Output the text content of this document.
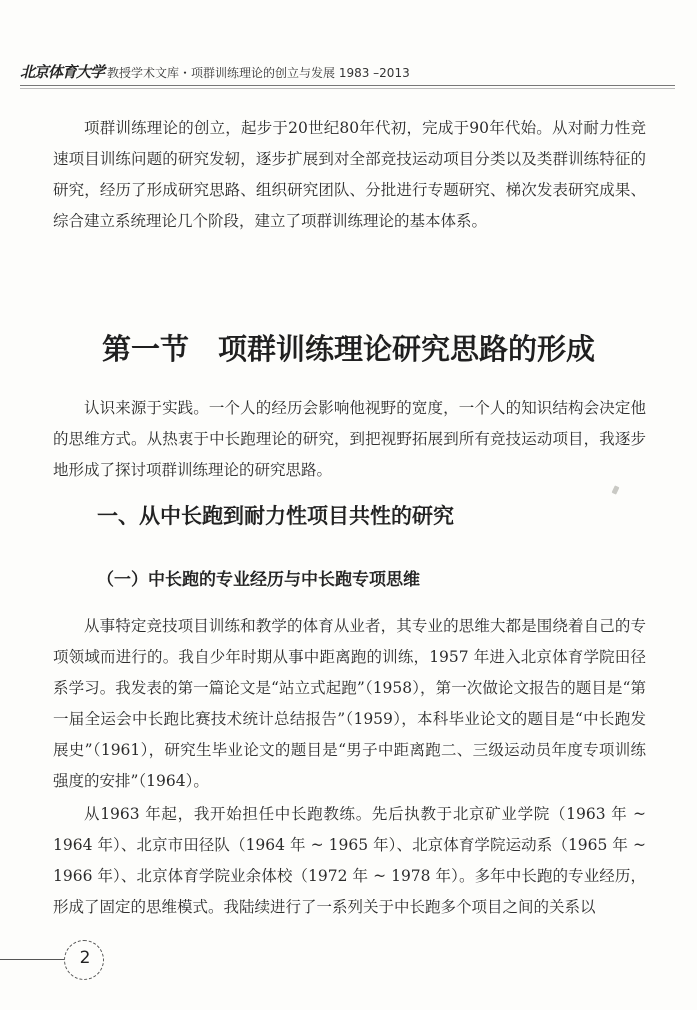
北京体育大学 教授学术文库・项群训练理论的创立与发展 1983 –2013

项群训练理论的创立，起步于20世纪80年代初，完成于90年代始。从对耐力性竞速项目训练问题的研究发轫，逐步扩展到对全部竞技运动项目分类以及类群训练特征的研究，经历了形成研究思路、组织研究团队、分批进行专题研究、梯次发表研究成果、综合建立系统理论几个阶段，建立了项群训练理论的基本体系。

第一节　项群训练理论研究思路的形成

认识来源于实践。一个人的经历会影响他视野的宽度，一个人的知识结构会决定他的思维方式。从热衷于中长跑理论的研究，到把视野拓展到所有竞技运动项目，我逐步地形成了探讨项群训练理论的研究思路。

一、从中长跑到耐力性项目共性的研究
（一）中长跑的专业经历与中长跑专项思维

从事特定竞技项目训练和教学的体育从业者，其专业的思维大都是围绕着自己的专项领域而进行的。我自少年时期从事中距离跑的训练，1957 年进入北京体育学院田径系学习。我发表的第一篇论文是“站立式起跑”（1958），第一次做论文报告的题目是“第一届全运会中长跑比赛技术统计总结报告”（1959），本科毕业论文的题目是“中长跑发展史”（1961），研究生毕业论文的题目是“男子中距离跑二、三级运动员年度专项训练强度的安排”（1964）。

从1963 年起，我开始担任中长跑教练。先后执教于北京矿业学院（1963 年 ~ 1964 年）、北京市田径队（1964 年 ~ 1965 年）、北京体育学院运动系（1965 年 ~ 1966 年）、北京体育学院业余体校（1972 年 ~ 1978 年）。多年中长跑的专业经历，形成了固定的思维模式。我陆续进行了一系列关于中长跑多个项目之间的关系以

2
